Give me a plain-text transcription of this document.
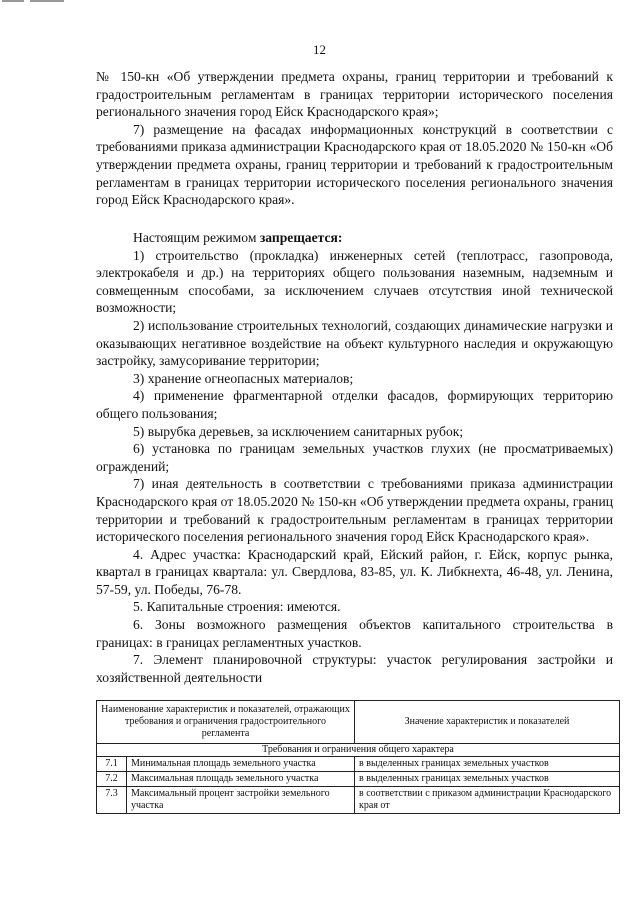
12

№ 150-кн «Об утверждении предмета охраны, границ территории и требований к градостроительным регламентам в границах территории исторического поселения регионального значения город Ейск Краснодарского края»;

7) размещение на фасадах информационных конструкций в соответствии с требованиями приказа администрации Краснодарского края от 18.05.2020 № 150-кн «Об утверждении предмета охраны, границ территории и требований к градостроительным регламентам в границах территории исторического поселения регионального значения город Ейск Краснодарского края».

Настоящим режимом запрещается:

1) строительство (прокладка) инженерных сетей (теплотрасс, газопровода, электрокабеля и др.) на территориях общего пользования наземным, надземным и совмещенным способами, за исключением случаев отсутствия иной технической возможности;

2) использование строительных технологий, создающих динамические нагрузки и оказывающих негативное воздействие на объект культурного наследия и окружающую застройку, замусоривание территории;

3) хранение огнеопасных материалов;

4) применение фрагментарной отделки фасадов, формирующих территорию общего пользования;

5) вырубка деревьев, за исключением санитарных рубок;

6) установка по границам земельных участков глухих (не просматриваемых) ограждений;

7) иная деятельность в соответствии с требованиями приказа администрации Краснодарского края от 18.05.2020 № 150-кн «Об утверждении предмета охраны, границ территории и требований к градостроительным регламентам в границах территории исторического поселения регионального значения город Ейск Краснодарского края».

4. Адрес участка: Краснодарский край, Ейский район, г. Ейск, корпус рынка, квартал в границах квартала: ул. Свердлова, 83-85, ул. К. Либкнехта, 46-48, ул. Ленина, 57-59, ул. Победы, 76-78.

5. Капитальные строения: имеются.

6. Зоны возможного размещения объектов капитального строительства в границах: в границах регламентных участков.

7. Элемент планировочной структуры: участок регулирования застройки и хозяйственной деятельности

Наименование характеристик и показателей, отражающих требования и ограничения градостроительного регламента		Значение характеристик и показателей
Требования и ограничения общего характера		
7.1	Минимальная площадь земельного участка	в выделенных границах земельных участков
7.2	Максимальная площадь земельного участка	в выделенных границах земельных участков
7.3	Максимальный процент застройки земельного участка	в соответствии с приказом администрации Краснодарского края от
